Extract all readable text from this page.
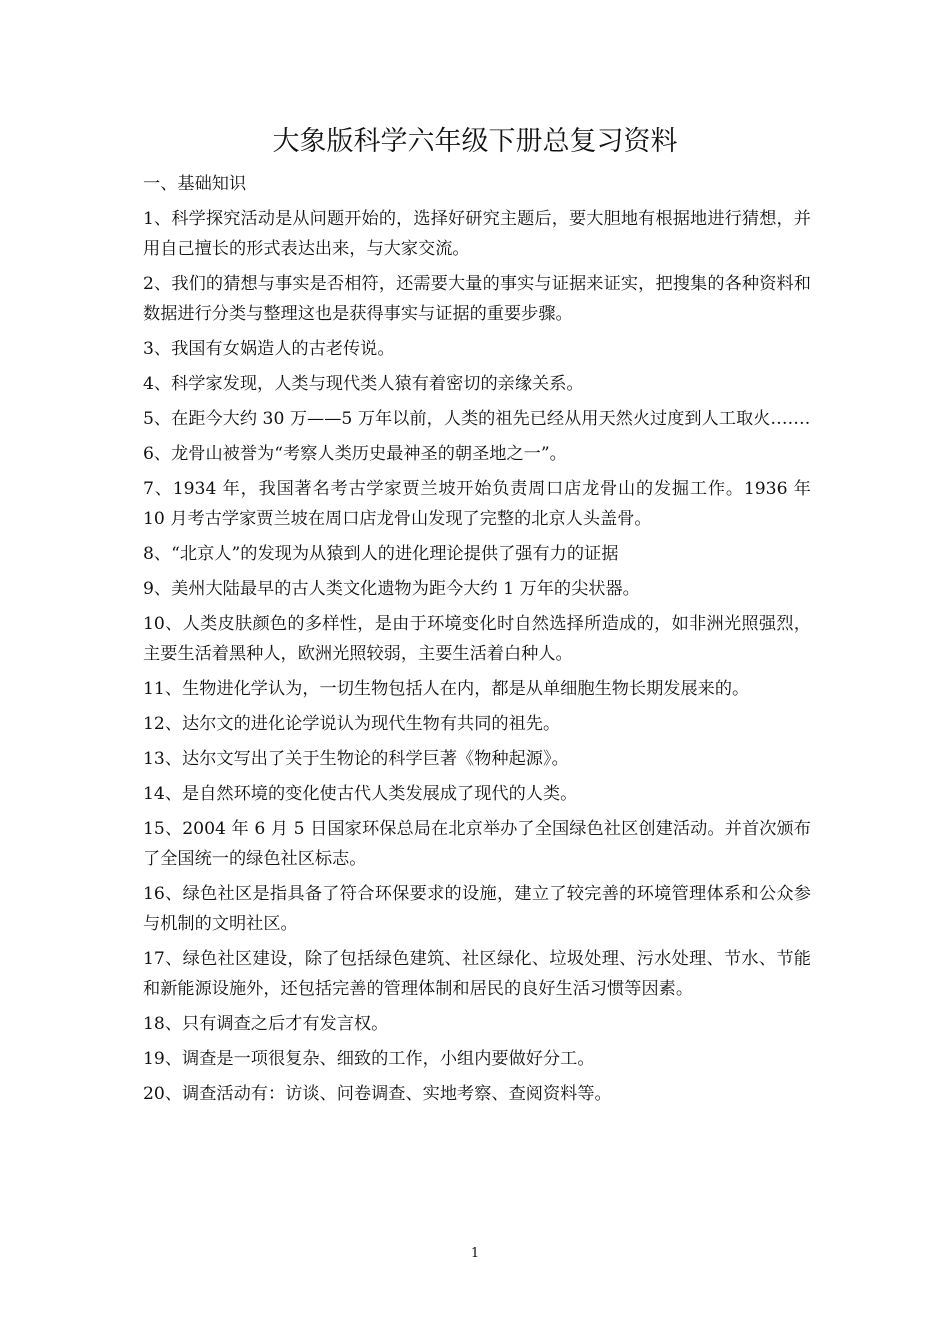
大象版科学六年级下册总复习资料

一、基础知识

1、科学探究活动是从问题开始的，选择好研究主题后，要大胆地有根据地进行猜想，并用自己擅长的形式表达出来，与大家交流。

2、我们的猜想与事实是否相符，还需要大量的事实与证据来证实，把搜集的各种资料和数据进行分类与整理这也是获得事实与证据的重要步骤。

3、我国有女娲造人的古老传说。

4、科学家发现，人类与现代类人猿有着密切的亲缘关系。

5、在距今大约 30 万——5 万年以前，人类的祖先已经从用天然火过度到人工取火…….

6、龙骨山被誉为“考察人类历史最神圣的朝圣地之一”。

7、1934 年，我国著名考古学家贾兰坡开始负责周口店龙骨山的发掘工作。1936 年 10 月考古学家贾兰坡在周口店龙骨山发现了完整的北京人头盖骨。

8、“北京人”的发现为从猿到人的进化理论提供了强有力的证据

9、美州大陆最早的古人类文化遗物为距今大约 1 万年的尖状器。

10、人类皮肤颜色的多样性，是由于环境变化时自然选择所造成的，如非洲光照强烈，主要生活着黑种人，欧洲光照较弱，主要生活着白种人。

11、生物进化学认为，一切生物包括人在内，都是从单细胞生物长期发展来的。

12、达尔文的进化论学说认为现代生物有共同的祖先。

13、达尔文写出了关于生物论的科学巨著《物种起源》。

14、是自然环境的变化使古代人类发展成了现代的人类。

15、2004 年 6 月 5 日国家环保总局在北京举办了全国绿色社区创建活动。并首次颁布了全国统一的绿色社区标志。

16、绿色社区是指具备了符合环保要求的设施，建立了较完善的环境管理体系和公众参与机制的文明社区。

17、绿色社区建设，除了包括绿色建筑、社区绿化、垃圾处理、污水处理、节水、节能和新能源设施外，还包括完善的管理体制和居民的良好生活习惯等因素。

18、只有调查之后才有发言权。

19、调查是一项很复杂、细致的工作，小组内要做好分工。

20、调查活动有：访谈、问卷调查、实地考察、查阅资料等。

1
